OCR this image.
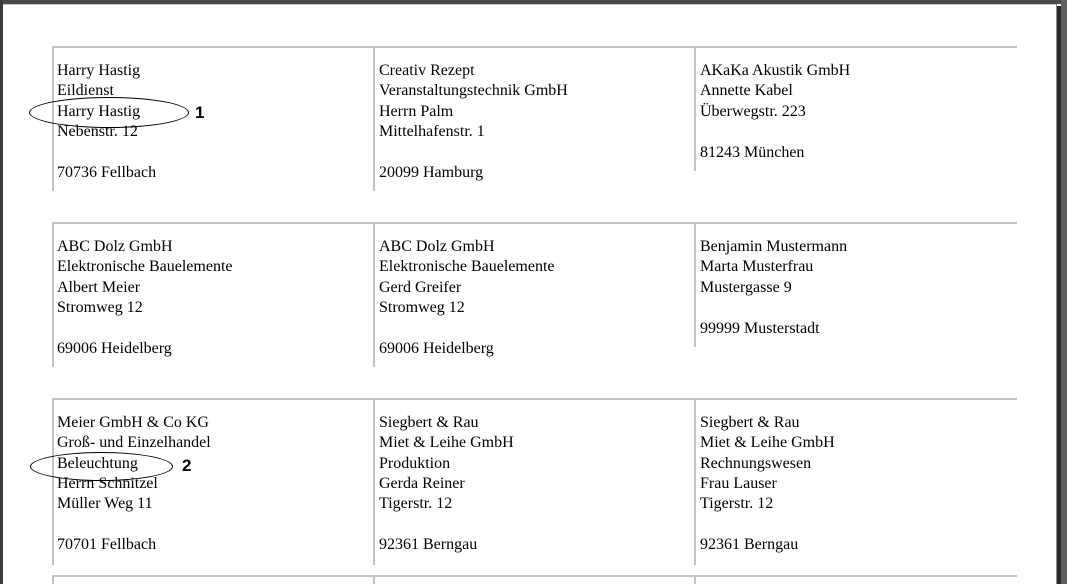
Harry Hastig
Eildienst
Harry Hastig
Nebenstr. 12
70736 Fellbach
Creativ Rezept
Veranstaltungstechnik GmbH
Herrn Palm
Mittelhafenstr. 1
20099 Hamburg
AKaKa Akustik GmbH
Annette Kabel
Überwegstr. 223
81243 München
ABC Dolz GmbH
Elektronische Bauelemente
Albert Meier
Stromweg 12
69006 Heidelberg
ABC Dolz GmbH
Elektronische Bauelemente
Gerd Greifer
Stromweg 12
69006 Heidelberg
Benjamin Mustermann
Marta Musterfrau
Mustergasse 9
99999 Musterstadt
Meier GmbH & Co KG
Groß- und Einzelhandel
Beleuchtung
Herrn Schnitzel
Müller Weg 11
70701 Fellbach
Siegbert & Rau
Miet & Leihe GmbH
Produktion
Gerda Reiner
Tigerstr. 12
92361 Berngau
Siegbert & Rau
Miet & Leihe GmbH
Rechnungswesen
Frau Lauser
Tigerstr. 12
92361 Berngau
1
2
